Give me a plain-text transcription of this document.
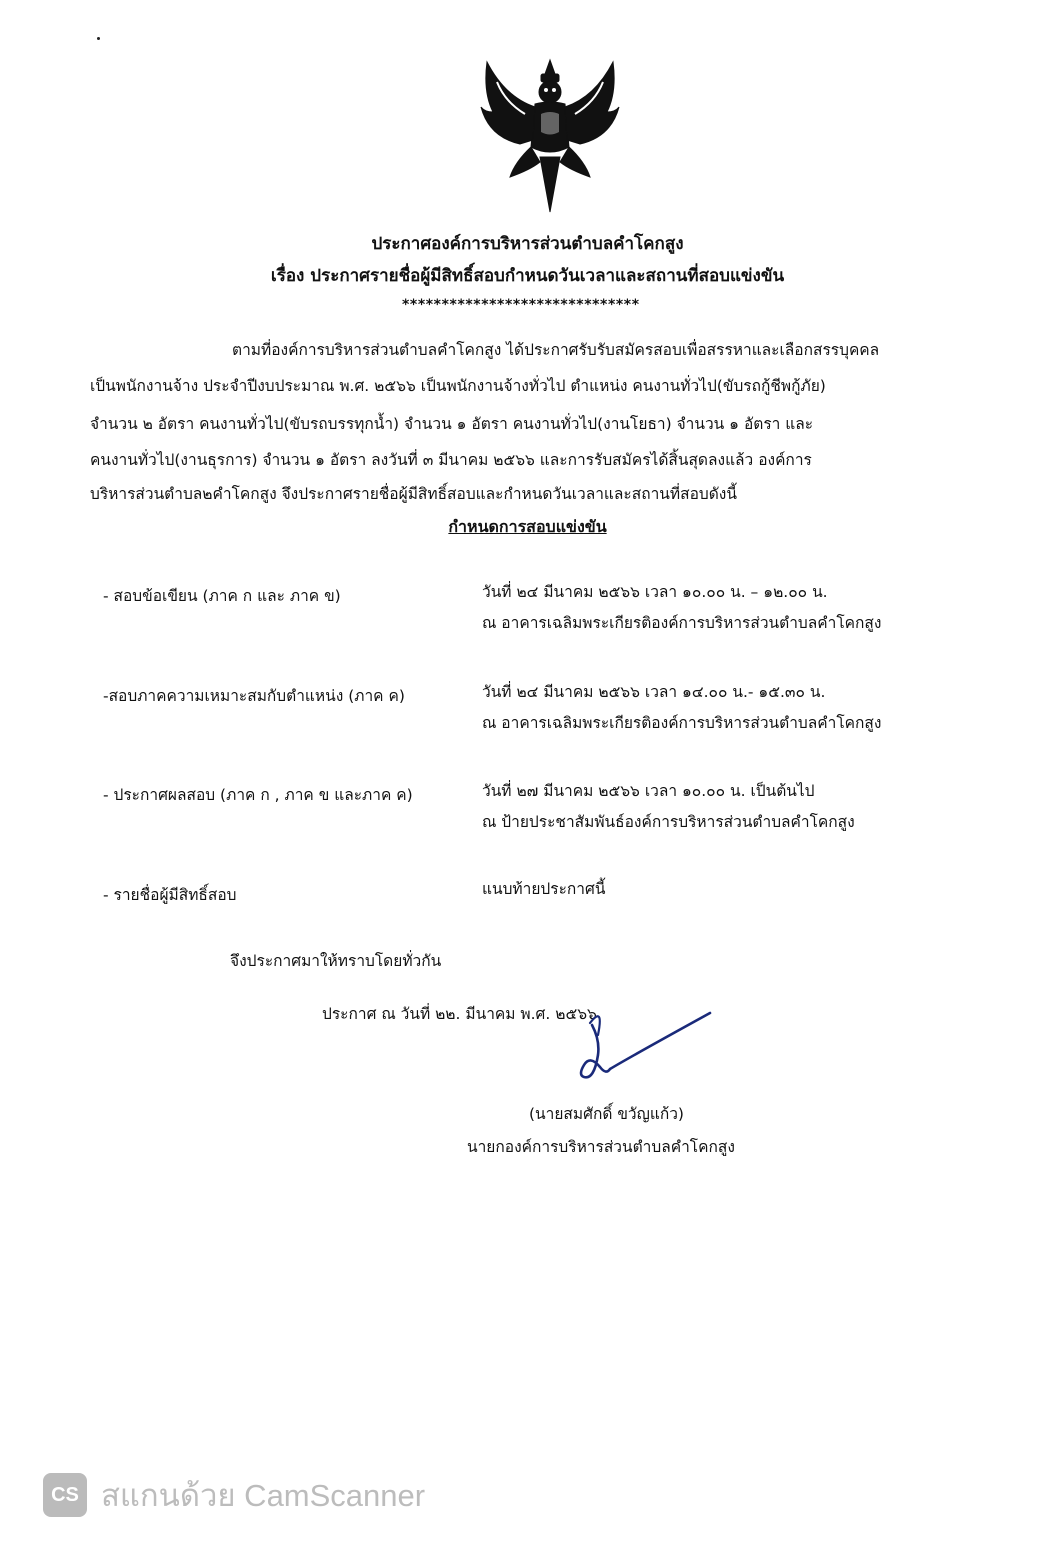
ประกาศองค์การบริหารส่วนตำบลคำโคกสูง
เรื่อง ประกาศรายชื่อผู้มีสิทธิ์สอบกำหนดวันเวลาและสถานที่สอบแข่งขัน
******************************
ตามที่องค์การบริหารส่วนตำบลคำโคกสูง ได้ประกาศรับรับสมัครสอบเพื่อสรรหาและเลือกสรรบุคคล
เป็นพนักงานจ้าง ประจำปีงบประมาณ พ.ศ. ๒๕๖๖ เป็นพนักงานจ้างทั่วไป ตำแหน่ง คนงานทั่วไป(ขับรถกู้ชีพกู้ภัย)
จำนวน ๒ อัตรา คนงานทั่วไป(ขับรถบรรทุกน้ำ) จำนวน ๑ อัตรา คนงานทั่วไป(งานโยธา) จำนวน ๑ อัตรา และ
คนงานทั่วไป(งานธุรการ) จำนวน ๑ อัตรา ลงวันที่ ๓ มีนาคม ๒๕๖๖ และการรับสมัครได้สิ้นสุดลงแล้ว องค์การ
บริหารส่วนตำบล๒คำโคกสูง จึงประกาศรายชื่อผู้มีสิทธิ์สอบและกำหนดวันเวลาและสถานที่สอบดังนี้
กำหนดการสอบแข่งขัน
- สอบข้อเขียน (ภาค ก และ ภาค ข)	วันที่ ๒๔ มีนาคม ๒๕๖๖ เวลา ๑๐.๐๐ น. – ๑๒.๐๐ น.
ณ อาคารเฉลิมพระเกียรติองค์การบริหารส่วนตำบลคำโคกสูง
-สอบภาคความเหมาะสมกับตำแหน่ง (ภาค ค)	วันที่ ๒๔ มีนาคม ๒๕๖๖ เวลา ๑๔.๐๐ น.- ๑๕.๓๐ น.
ณ อาคารเฉลิมพระเกียรติองค์การบริหารส่วนตำบลคำโคกสูง
- ประกาศผลสอบ (ภาค ก , ภาค ข และภาค ค)	วันที่ ๒๗ มีนาคม ๒๕๖๖ เวลา ๑๐.๐๐ น. เป็นต้นไป
ณ ป้ายประชาสัมพันธ์องค์การบริหารส่วนตำบลคำโคกสูง
- รายชื่อผู้มีสิทธิ์สอบ	แนบท้ายประกาศนี้
จึงประกาศมาให้ทราบโดยทั่วกัน
ประกาศ ณ วันที่ ๒๒. มีนาคม พ.ศ. ๒๕๖๖
(นายสมศักดิ์ ขวัญแก้ว)
นายกองค์การบริหารส่วนตำบลคำโคกสูง
CS สแกนด้วย CamScanner
